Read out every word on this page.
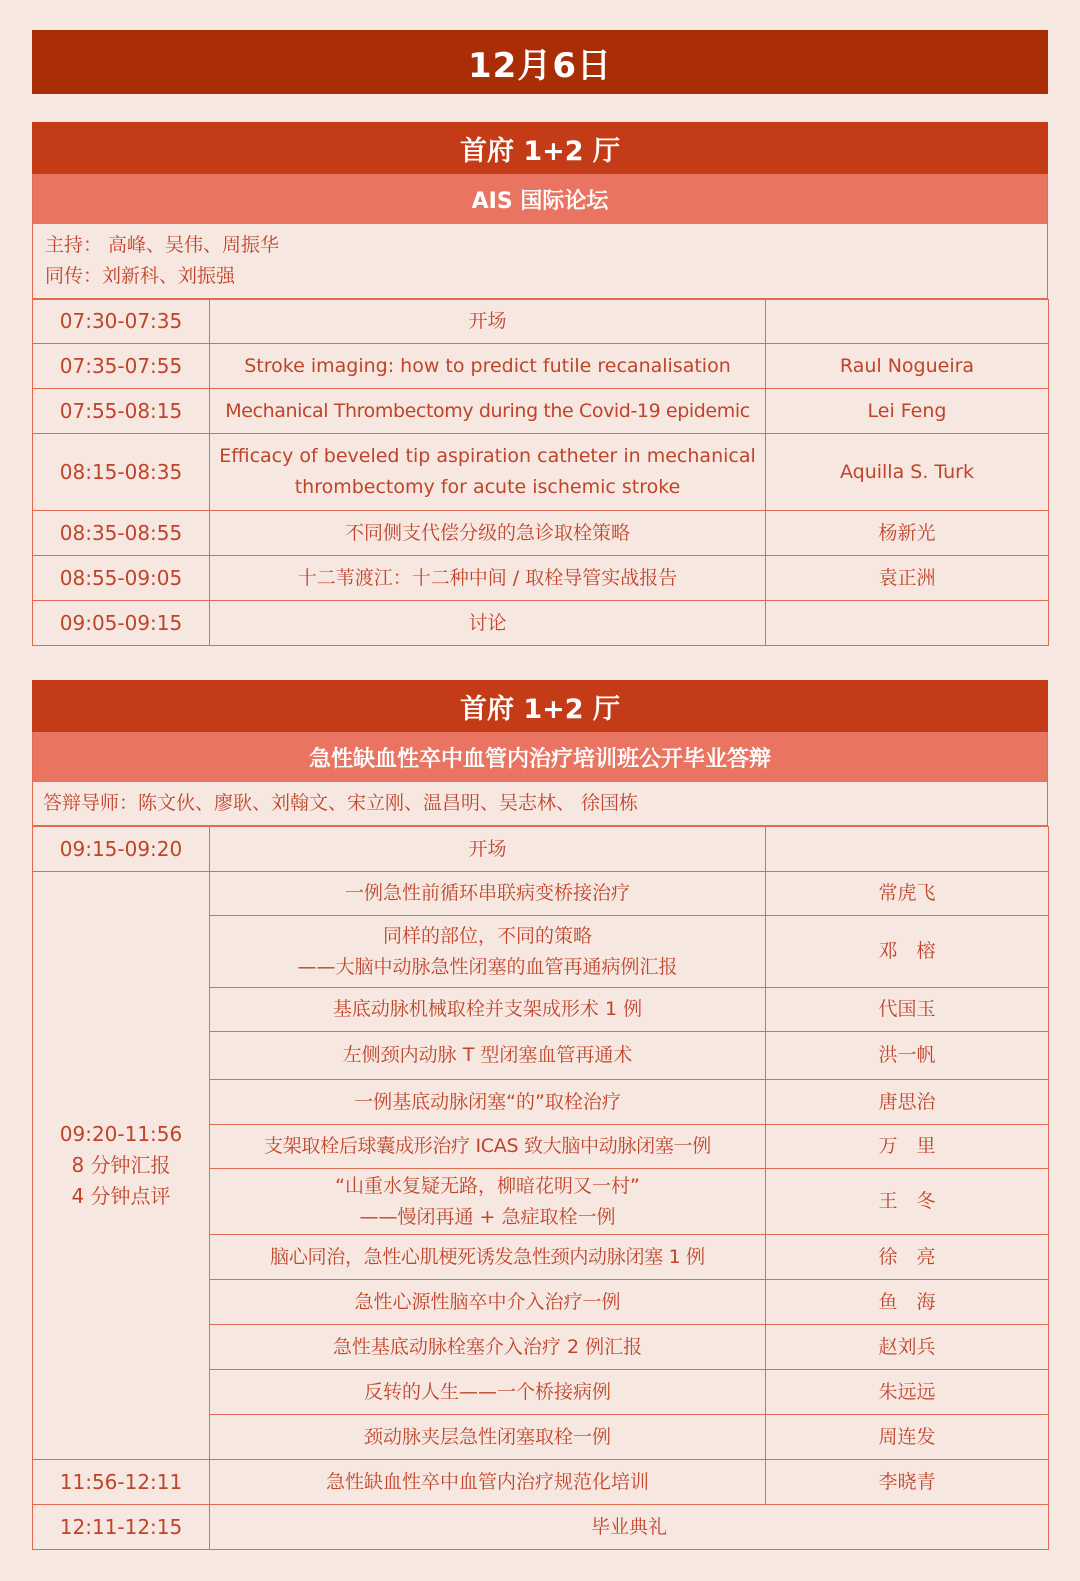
12月6日
首府 1+2 厅
AIS 国际论坛
主持： 高峰、吴伟、周振华
同传：刘新科、刘振强
07:30-07:35	开场	
07:35-07:55	Stroke imaging: how to predict futile recanalisation	Raul Nogueira
07:55-08:15	Mechanical Thrombectomy during the Covid-19 epidemic	Lei Feng
08:15-08:35	Efficacy of beveled tip aspiration catheter in mechanical
thrombectomy for acute ischemic stroke	Aquilla S. Turk
08:35-08:55	不同侧支代偿分级的急诊取栓策略	杨新光
08:55-09:05	十二苇渡江：十二种中间 / 取栓导管实战报告	袁正洲
09:05-09:15	讨论	
首府 1+2 厅
急性缺血性卒中血管内治疗培训班公开毕业答辩
答辩导师：陈文伙、廖耿、刘翰文、宋立刚、温昌明、吴志林、 徐国栋
09:15-09:20	开场	

09:20-11:56
8 分钟汇报
4 分钟点评	一例急性前循环串联病变桥接治疗	常虎飞

	同样的部位，不同的策略
——大脑中动脉急性闭塞的血管再通病例汇报	邓　榕
	基底动脉机械取栓并支架成形术 1 例	代国玉
	左侧颈内动脉 T 型闭塞血管再通术	洪一帆
	一例基底动脉闭塞“的”取栓治疗	唐思治
	支架取栓后球囊成形治疗 ICAS 致大脑中动脉闭塞一例	万　里

	“山重水复疑无路，柳暗花明又一村”
——慢闭再通 + 急症取栓一例	王　冬
	脑心同治，急性心肌梗死诱发急性颈内动脉闭塞 1 例	徐　亮
	急性心源性脑卒中介入治疗一例	鱼　海
	急性基底动脉栓塞介入治疗 2 例汇报	赵刘兵
	反转的人生——一个桥接病例	朱远远
	颈动脉夹层急性闭塞取栓一例	周连发
11:56-12:11	急性缺血性卒中血管内治疗规范化培训	李晓青
12:11-12:15	毕业典礼	
